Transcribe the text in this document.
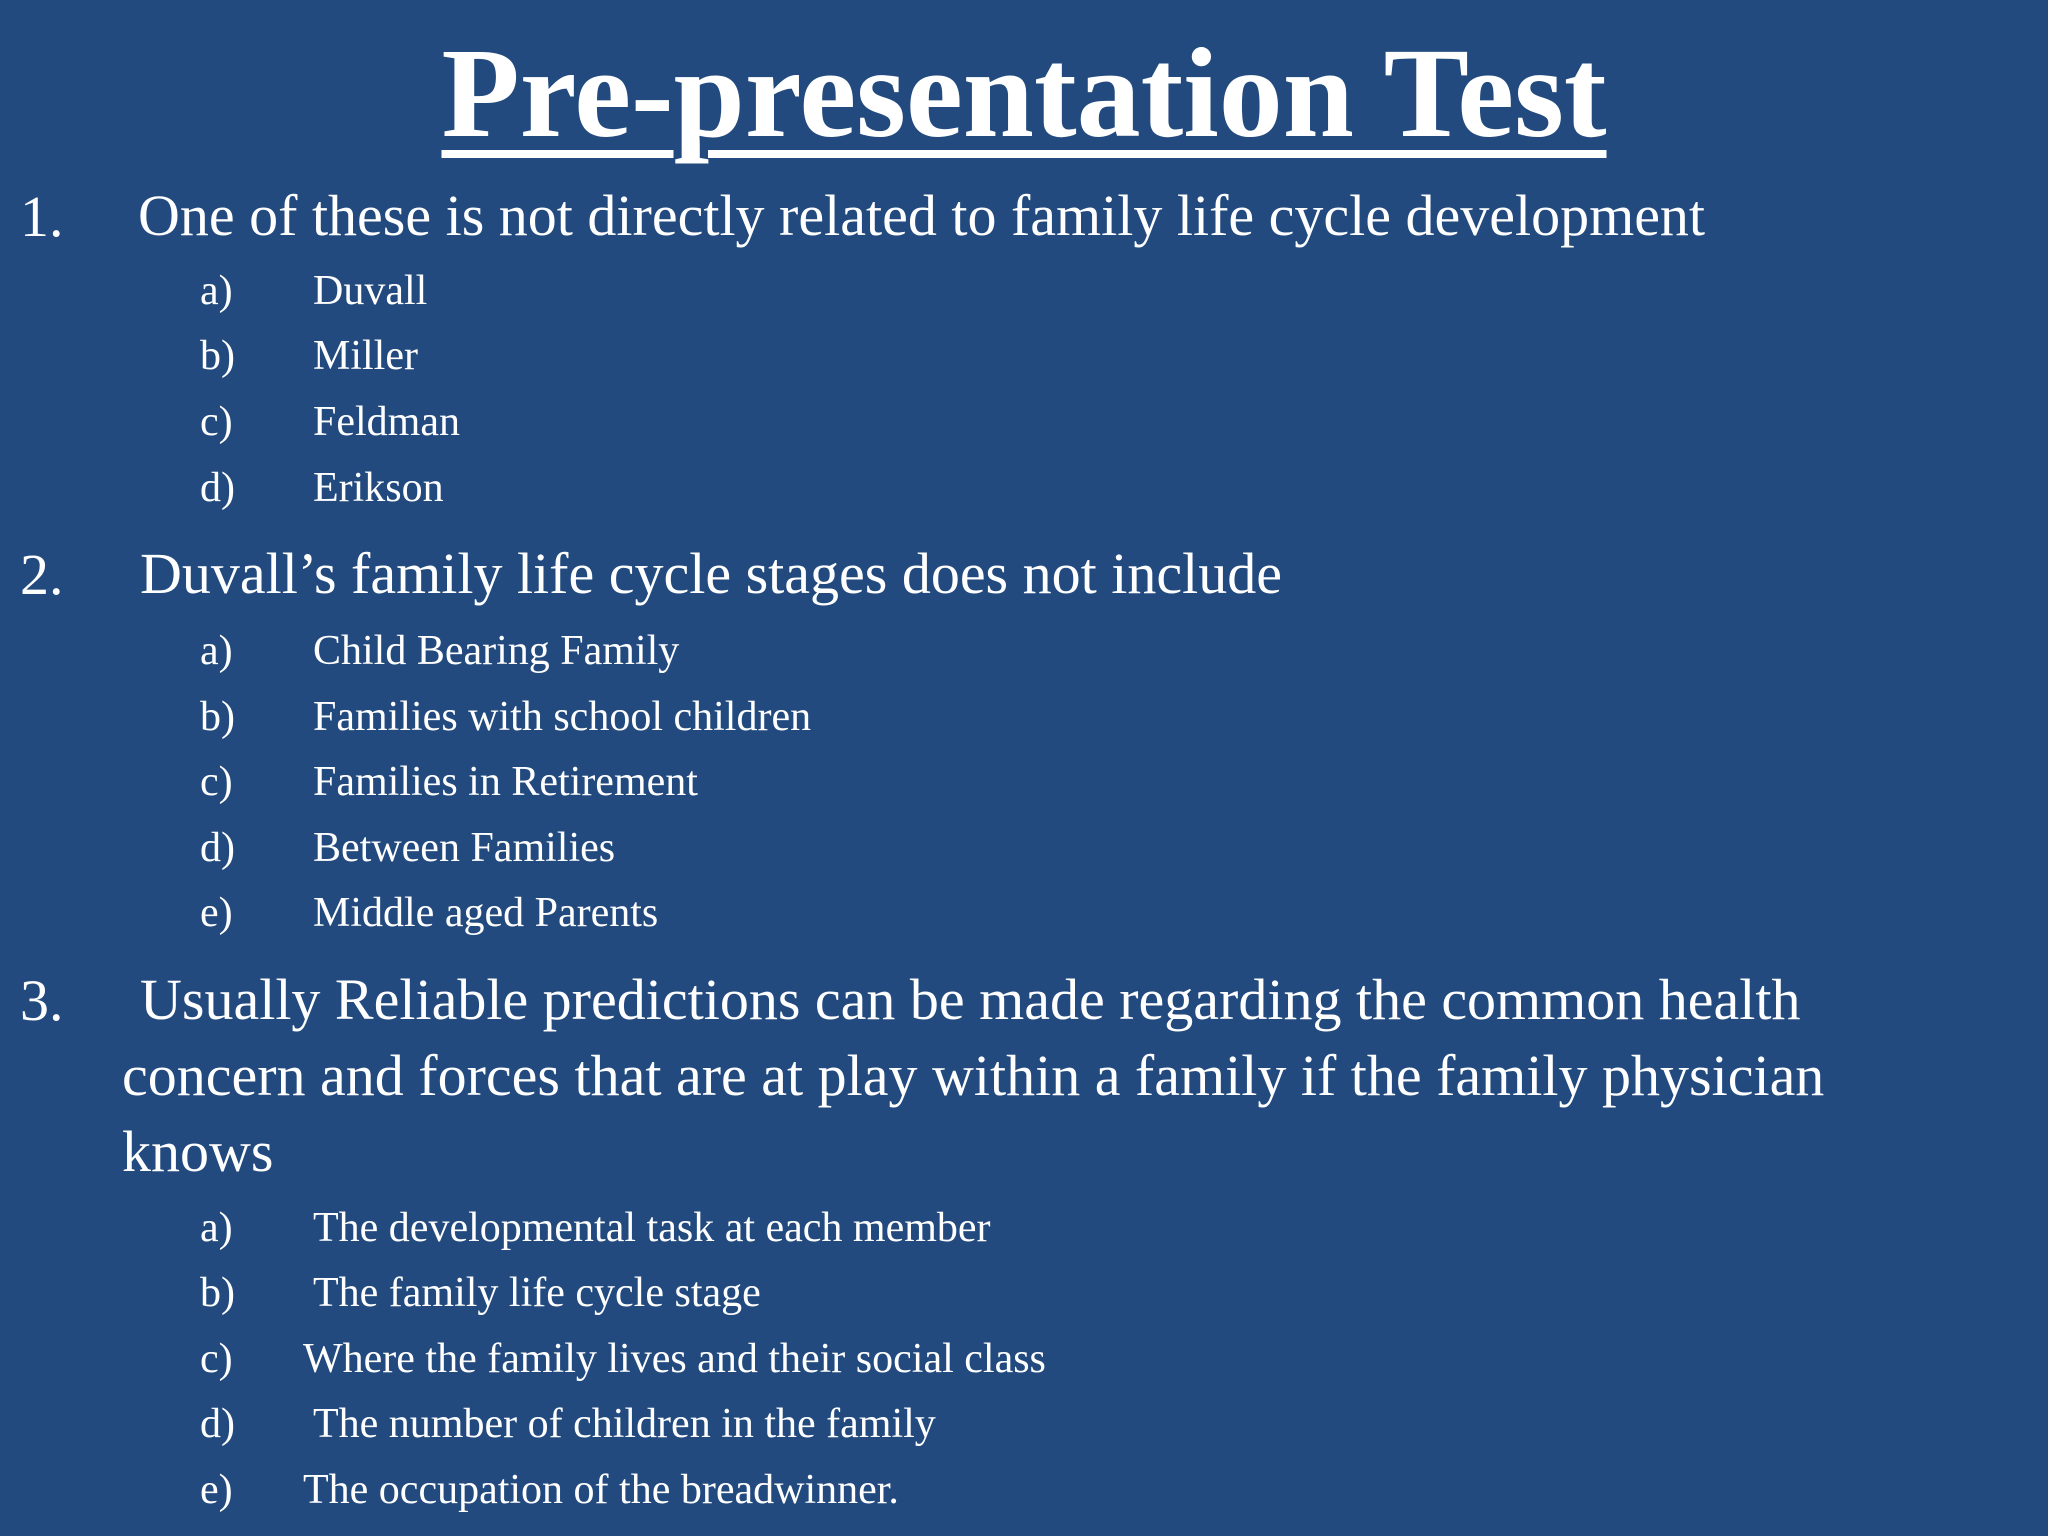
Pre-presentation Test
1. One of these is not directly related to family life cycle development
a) Duvall
b) Miller
c) Feldman
d) Erikson
2. Duvall’s family life cycle stages does not include
a) Child Bearing Family
b) Families with school children
c) Families in Retirement
d) Between Families
e) Middle aged Parents
3. Usually Reliable predictions can be made regarding the common health
concern and forces that are at play within a family if the family physician
knows
a) The developmental task at each member
b) The family life cycle stage
c) Where the family lives and their social class
d) The number of children in the family
e) The occupation of the breadwinner.
